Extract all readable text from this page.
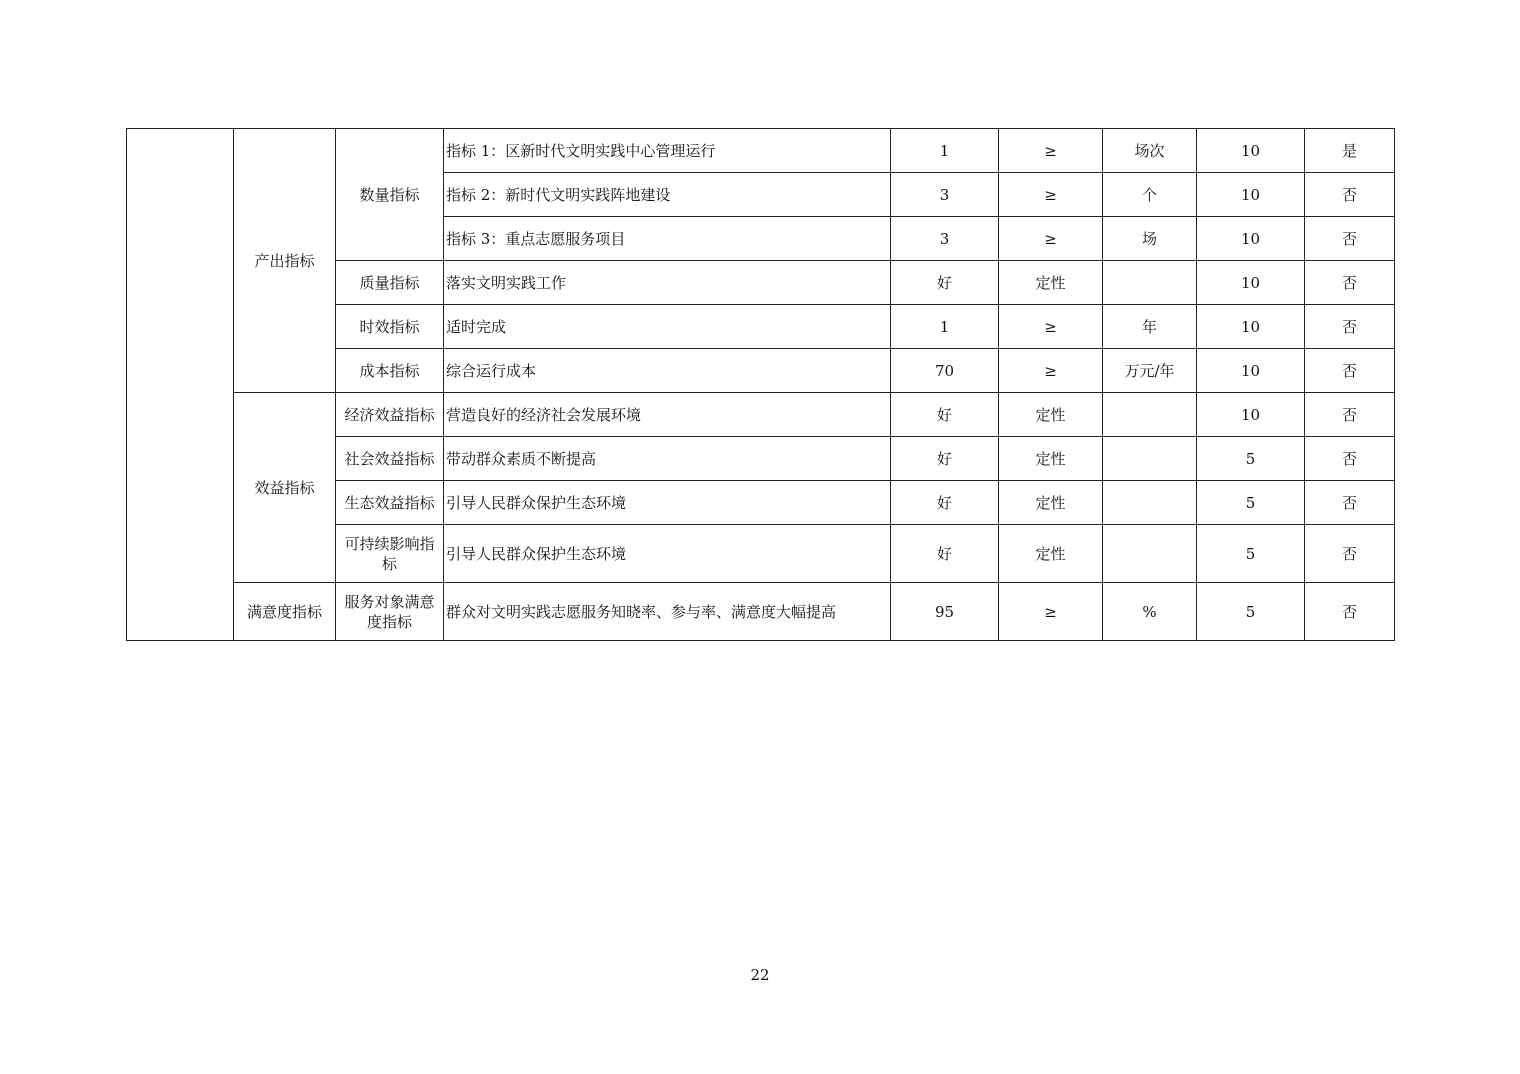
	产出指标	数量指标	指标 1：区新时代文明实践中心管理运行	1	≥	场次	10	是
			指标 2：新时代文明实践阵地建设	3	≥	个	10	否
			指标 3：重点志愿服务项目	3	≥	场	10	否
		质量指标	落实文明实践工作	好	定性		10	否
		时效指标	适时完成	1	≥	年	10	否
		成本指标	综合运行成本	70	≥	万元/年	10	否
	效益指标	经济效益指标	营造良好的经济社会发展环境	好	定性		10	否
		社会效益指标	带动群众素质不断提高	好	定性		5	否
		生态效益指标	引导人民群众保护生态环境	好	定性		5	否
		可持续影响指标	引导人民群众保护生态环境	好	定性		5	否
	满意度指标	服务对象满意度指标	群众对文明实践志愿服务知晓率、参与率、满意度大幅提高	95	≥	%	5	否
22
